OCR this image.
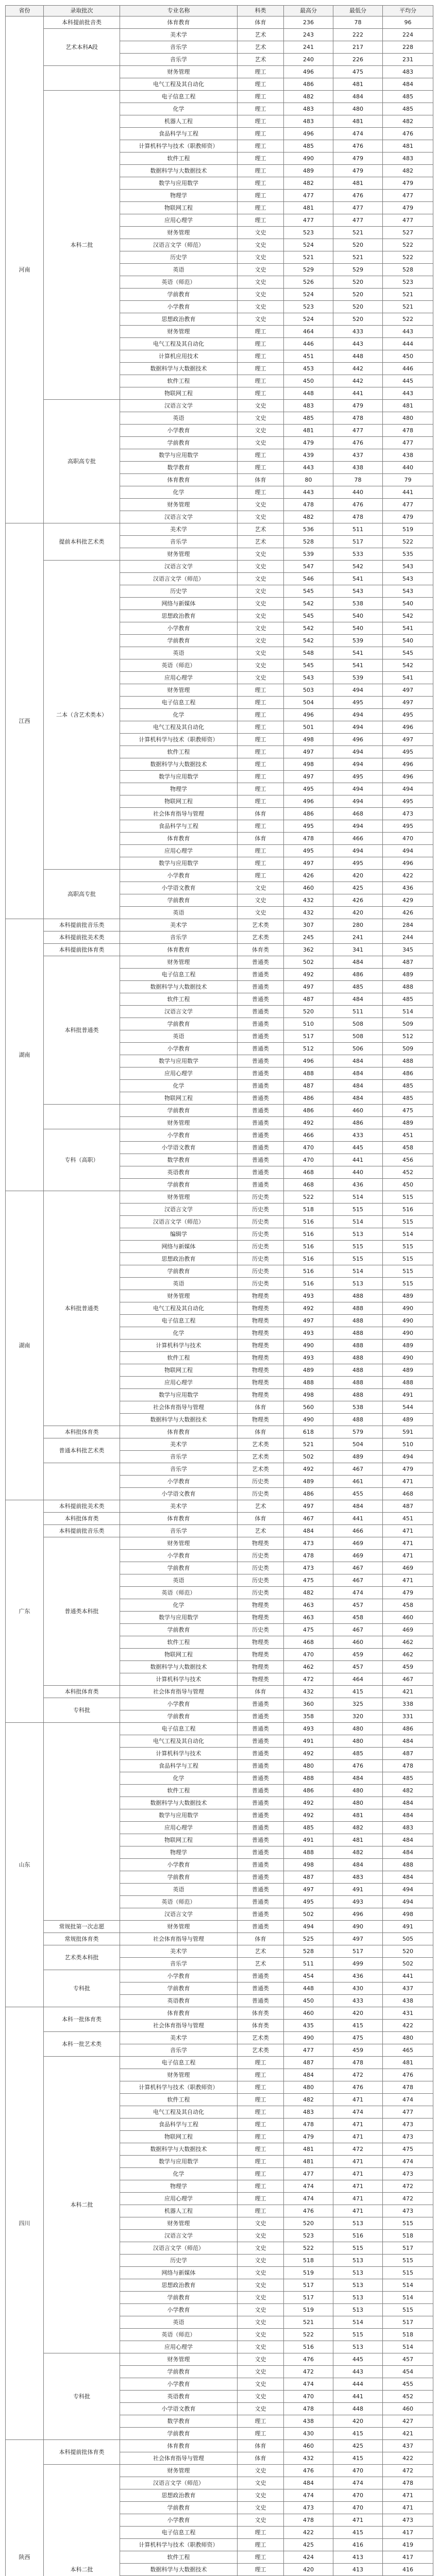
省份	录取批次	专业名称	科类	最高分	最低分	平均分
河南	本科提前批音类	体育教育	体育	236	78	96
	艺术本科A段	美术学	艺术	243	222	224
		音乐学	艺术	241	217	228
		音乐学	艺术	240	226	231
		财务管理	理工	496	475	483
		电气工程及其自动化	理工	486	481	484
	本科二批	电子信息工程	理工	482	484	485
		化学	理工	483	480	485
		机器人工程	理工	483	481	482
		食品科学与工程	理工	496	474	476
		计算机科学与技术（职教师资）	理工	485	476	481
		软件工程	理工	490	479	483
		数据科学与大数据技术	理工	489	479	482
		数学与应用数学	理工	482	481	479
		物理学	理工	477	476	477
		物联网工程	理工	481	477	479
		应用心理学	理工	477	477	477
		财务管理	文史	523	521	527
		汉语言文学（师范）	文史	524	520	522
		历史学	文史	521	521	522
		英语	文史	529	529	528
		英语（师范）	文史	526	520	523
		学前教育	文史	524	520	521
		小学教育	文史	523	520	521
		思想政治教育	文史	524	520	522
		财务管理	理工	464	433	443
		电气工程及其自动化	理工	446	443	444
		计算机应用技术	理工	451	448	450
		数据科学与大数据技术	理工	453	442	446
		软件工程	理工	450	442	445
		物联网工程	理工	448	441	443
	高职高专批	汉语言文学	文史	483	479	481
		英语	文史	485	478	480
		小学教育	文史	481	477	478
		学前教育	文史	479	476	477
		数学与应用数学	理工	439	437	438
		数学教育	理工	443	438	440
		体育教育	体育	80	78	79
		化学	理工	443	440	441
		财务管理	文史	478	476	477
		汉语言文学	文史	482	478	479
江西	提前本科批艺术类	美术学	艺术	536	511	519
		音乐学	艺术	528	517	522
		财务管理	文史	539	533	535
	二本（含艺术类本）	汉语言文学	文史	547	542	543
		汉语言文学（师范）	文史	546	541	543
		历史学	文史	545	543	543
		网络与新媒体	文史	542	538	540
		思想政治教育	文史	545	540	542
		小学教育	文史	542	540	541
		学前教育	文史	542	539	540
		英语	文史	548	541	545
		英语（师范）	文史	545	541	542
		应用心理学	文史	543	539	541
		财务管理	理工	503	494	497
		电子信息工程	理工	504	495	497
		化学	理工	496	494	495
		电气工程及其自动化	理工	501	494	496
		计算机科学与技术（职教师资）	理工	498	496	497
		软件工程	理工	497	494	495
		数据科学与大数据技术	理工	498	494	496
		数学与应用数学	理工	497	495	496
		物理学	理工	495	494	494
		物联网工程	理工	496	494	495
		社会体育指导与管理	体育	486	468	473
		食品科学与工程	理工	495	494	495
		体育教育	体育	478	466	470
		应用心理学	理工	495	494	494
		数学与应用数学	理工	497	495	496
	高职高专批	小学教育	理工	426	420	422
		小学语文教育	文史	460	425	436
		学前教育	文史	432	426	429
		英语	文史	432	420	426
湖南	本科提前批音乐类	美术学	艺术类	307	280	284
	本科提前批美术类	音乐学	艺术类	245	241	244
	本科提前批体育类	体育教育	体育类	362	341	345
	本科批普通类	财务管理	普通类	502	484	487
		电子信息工程	普通类	492	486	489
		数据科学与大数据技术	普通类	497	485	488
		软件工程	普通类	487	484	485
		汉语言文学	普通类	520	511	514
		学前教育	普通类	510	508	509
		英语	普通类	517	508	512
		小学教育	普通类	512	506	509
		数学与应用数学	普通类	496	484	488
		应用心理学	普通类	488	484	486
		化学	普通类	487	484	485
		物联网工程	普通类	486	484	485
		学前教育	普通类	486	460	475
		财务管理	普通类	492	486	489
	专科（高职）	小学教育	普通类	466	433	451
		小学语文教育	普通类	470	445	458
		数学教育	普通类	470	441	456
		英语教育	普通类	468	440	452
		学前教育	普通类	468	436	450
湖南	本科批普通类	财务管理	历史类	522	514	515
		汉语言文学	历史类	518	515	516
		汉语言文学（师范）	历史类	516	514	515
		编辑学	历史类	516	513	514
		网络与新媒体	历史类	516	515	515
		思想政治教育	历史类	516	515	515
		学前教育	历史类	516	514	515
		英语	历史类	516	513	515
		财务管理	物理类	493	488	489
		电气工程及其自动化	物理类	492	488	490
		电子信息工程	物理类	497	488	490
		化学	物理类	493	488	490
		计算机科学与技术	物理类	490	488	489
		软件工程	物理类	493	488	490
		物联网工程	物理类	489	488	489
		应用心理学	物理类	488	488	488
		数学与应用数学	物理类	498	488	491
		社会体育指导与管理	体育	560	538	544
		数据科学与大数据技术	物理类	490	488	489
	本科批体育类	体育教育	体育	618	579	591
	普通本科批艺术类	美术学	艺术类	521	504	510
		音乐学	艺术类	502	489	494
		音乐学	艺术类	492	467	479
		小学教育	历史类	489	461	471
		小学语文教育	历史类	486	455	468
广东	本科提前批美术类	美术学	艺术	497	484	487
	本科批体育类	体育教育	体育	467	441	451
	本科提前批音乐类	音乐学	艺术	484	466	471
	普通类本科批	财务管理	物理类	473	469	471
		小学教育	历史类	478	469	471
		学前教育	历史类	473	467	469
		英语	历史类	475	467	471
		英语（师范）	历史类	482	474	479
		化学	物理类	463	457	458
		数学与应用数学	物理类	463	458	460
		学前教育	历史类	475	467	469
		软件工程	物理类	468	460	462
		物联网工程	物理类	470	459	462
		数据科学与大数据技术	物理类	462	457	459
		计算机科学与技术	物理类	472	464	467
	本科批体育类	社会体育指导与管理	体育	432	415	421
	专科批	小学教育	普通类	360	325	338
		学前教育	普通类	358	320	331
山东		电子信息工程	普通类	493	480	486
		电气工程及其自动化	普通类	491	480	484
		计算机科学与技术	普通类	492	485	487
		食品科学与工程	普通类	480	476	478
		化学	普通类	488	484	485
		软件工程	普通类	486	480	482
		数据科学与大数据技术	普通类	492	480	484
		数学与应用数学	普通类	492	481	484
		应用心理学	普通类	485	482	483
		物联网工程	普通类	491	481	484
		物理学	普通类	488	482	484
		小学教育	普通类	498	484	488
		学前教育	普通类	487	483	484
		英语	普通类	497	491	494
		英语（师范）	普通类	495	493	494
		汉语言文学	普通类	502	496	498
	常规批第一次志愿	财务管理	普通类	494	490	491
	常规批体育类	社会体育指导与管理	体育	525	497	505
	艺术类本科批	美术学	艺术	528	517	520
		音乐学	艺术	511	499	502
	专科批	小学教育	普通类	454	436	441
		学前教育	普通类	448	430	437
		英语教育	普通类	450	433	438
四川	本科一批体育类	体育教育	体育类	460	420	431
		社会体育指导与管理	体育类	435	415	422
	本科一批艺术类	美术学	艺术类	490	475	480
		音乐学	艺术类	477	459	465
	本科二批	电子信息工程	理工	487	478	481
		财务管理	理工	484	472	476
		计算机科学与技术（职教师资）	理工	480	476	478
		软件工程	理工	482	471	474
		电气工程及其自动化	理工	483	474	477
		食品科学与工程	理工	478	471	473
		物联网工程	理工	479	471	473
		数据科学与大数据技术	理工	481	472	475
		数学与应用数学	理工	481	471	474
		化学	理工	477	471	473
		物理学	理工	474	471	472
		应用心理学	理工	474	471	472
		机器人工程	理工	476	471	473
		财务管理	文史	520	513	515
		汉语言文学	文史	523	516	518
		汉语言文学（师范）	文史	522	515	517
		历史学	文史	518	513	515
		网络与新媒体	文史	519	513	515
		思想政治教育	文史	517	513	514
		学前教育	文史	517	513	514
		小学教育	文史	519	513	515
		英语	文史	521	514	517
		英语（师范）	文史	522	515	518
		应用心理学	文史	516	513	514
	专科批	财务管理	文史	476	445	457
		学前教育	文史	472	443	454
		小学教育	文史	474	444	455
		英语教育	文史	470	441	452
		小学语文教育	文史	478	448	460
		数学教育	理工	438	420	427
		学前教育	理工	430	415	421
陕西	本科提前批体育类	体育教育	体育	460	425	437
		社会体育指导与管理	体育	432	415	422
	本科二批	财务管理	文史	476	470	472
		汉语言文学（师范）	文史	484	474	478
		思想政治教育	文史	474	470	471
		学前教育	文史	473	470	471
		小学教育	文史	478	471	473
		电子信息工程	理工	422	415	417
		计算机科学与技术（职教师资）	理工	425	416	419
		软件工程	理工	424	413	417
		数据科学与大数据技术	理工	420	413	416
